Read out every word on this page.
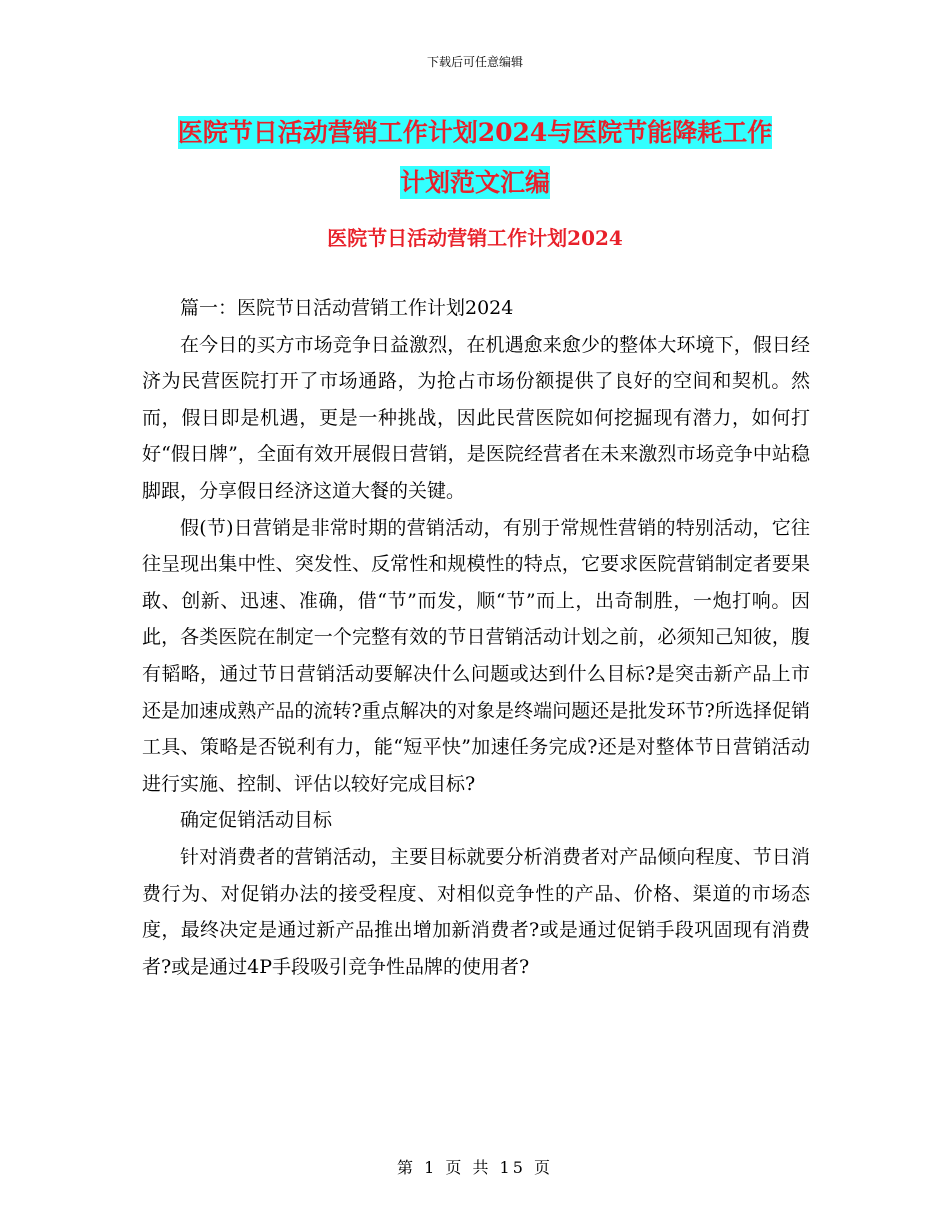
下载后可任意编辑
医院节日活动营销工作计划2024与医院节能降耗工作
计划范文汇编
医院节日活动营销工作计划2024

篇一：医院节日活动营销工作计划2024

在今日的买方市场竞争日益激烈，在机遇愈来愈少的整体大环境下，假日经济为民营医院打开了市场通路，为抢占市场份额提供了良好的空间和契机。然而，假日即是机遇，更是一种挑战，因此民营医院如何挖掘现有潜力，如何打好“假日牌”，全面有效开展假日营销，是医院经营者在未来激烈市场竞争中站稳脚跟，分享假日经济这道大餐的关键。

假(节)日营销是非常时期的营销活动，有别于常规性营销的特别活动，它往往呈现出集中性、突发性、反常性和规模性的特点，它要求医院营销制定者要果敢、创新、迅速、准确，借“节”而发，顺“节”而上，出奇制胜，一炮打响。因此，各类医院在制定一个完整有效的节日营销活动计划之前，必须知己知彼，腹有韬略，通过节日营销活动要解决什么问题或达到什么目标?是突击新产品上市还是加速成熟产品的流转?重点解决的对象是终端问题还是批发环节?所选择促销工具、策略是否锐利有力，能“短平快”加速任务完成?还是对整体节日营销活动进行实施、控制、评估以较好完成目标?

确定促销活动目标

针对消费者的营销活动，主要目标就要分析消费者对产品倾向程度、节日消费行为、对促销办法的接受程度、对相似竞争性的产品、价格、渠道的市场态度，最终决定是通过新产品推出增加新消费者?或是通过促销手段巩固现有消费者?或是通过4P手段吸引竞争性品牌的使用者?

第 1 页 共 15 页
